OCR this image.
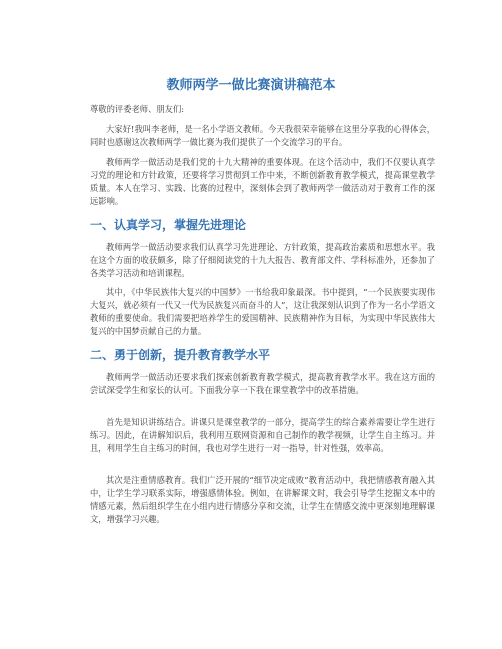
教师两学一做比赛演讲稿范本

尊敬的评委老师、朋友们:

大家好!我叫李老师，是一名小学语文教师。今天我很荣幸能够在这里分享我的心得体会，同时也感谢这次教师两学一做比赛为我们提供了一个交流学习的平台。

教师两学一做活动是我们党的十九大精神的重要体现。在这个活动中，我们不仅要认真学习党的理论和方针政策，还要将学习贯彻到工作中来，不断创新教育教学模式，提高课堂教学质量。本人在学习、实践、比赛的过程中，深刻体会到了教师两学一做活动对于教育工作的深远影响。

一、认真学习，掌握先进理论

教师两学一做活动要求我们认真学习先进理论、方针政策，提高政治素质和思想水平。我在这个方面的收获颇多，除了仔细阅读党的十九大报告、教育部文件、学科标准外，还参加了各类学习活动和培训课程。

其中，《中华民族伟大复兴的中国梦》一书给我印象最深。书中提到，“一个民族要实现伟大复兴，就必须有一代又一代为民族复兴而奋斗的人”，这让我深刻认识到了作为一名小学语文教师的重要使命。我们需要把培养学生的爱国精神、民族精神作为目标，为实现中华民族伟大复兴的中国梦贡献自己的力量。

二、勇于创新，提升教育教学水平

教师两学一做活动还要求我们探索创新教育教学模式，提高教育教学水平。我在这方面的尝试深受学生和家长的认可。下面我分享一下我在课堂教学中的改革措施。

首先是知识讲练结合。讲课只是课堂教学的一部分，提高学生的综合素养需要让学生进行练习。因此，在讲解知识后，我利用互联网资源和自己制作的教学视频，让学生自主练习。并且，利用学生自主练习的时间，我也对学生进行一对一指导，针对性强，效率高。

其次是注重情感教育。我们广泛开展的“细节决定成败”教育活动中，我把情感教育融入其中，让学生学习联系实际，增强感情体验。例如，在讲解课文时，我会引导学生挖掘文本中的情感元素，然后组织学生在小组内进行情感分享和交流，让学生在情感交流中更深刻地理解课文，增强学习兴趣。
